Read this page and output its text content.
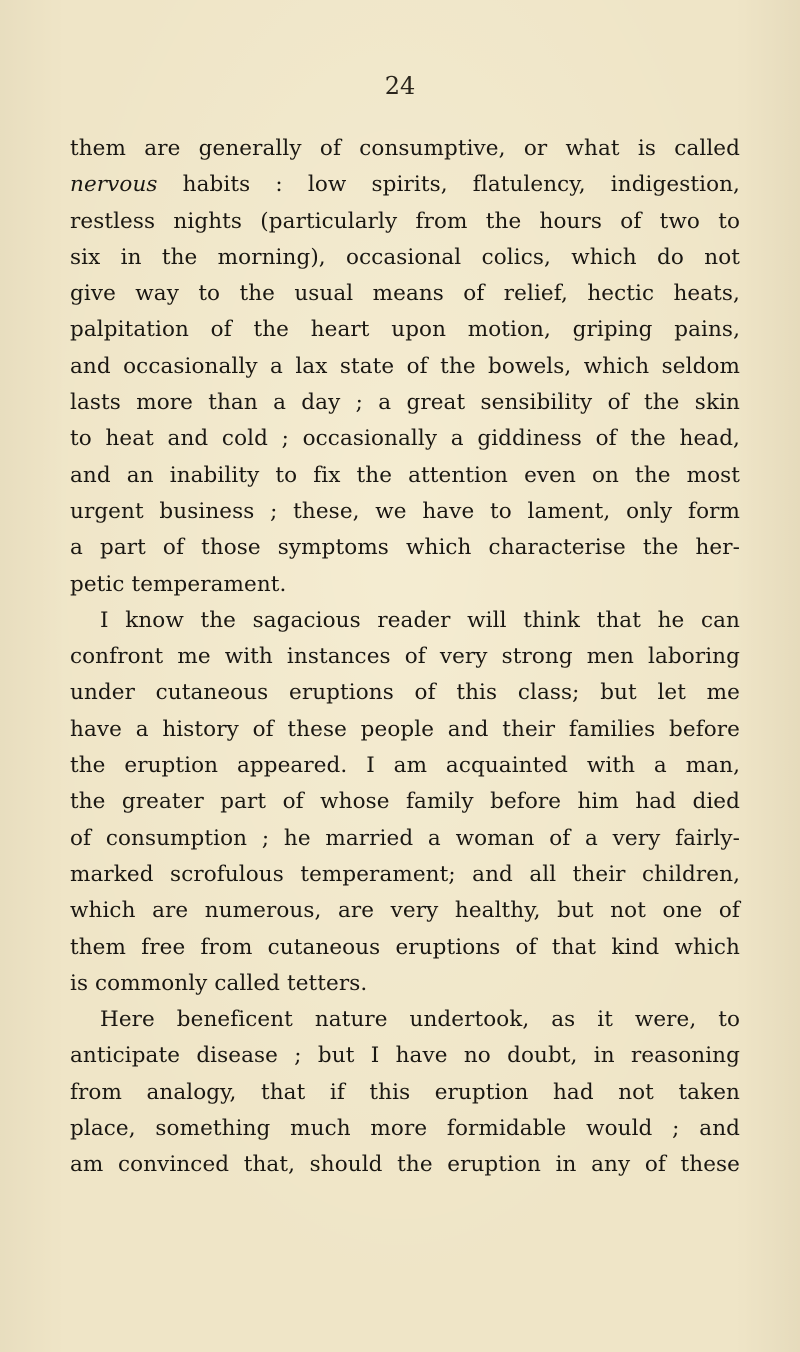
24
them are generally of consumptive, or what is called
nervous habits : low spirits, flatulency, indigestion,
restless nights (particularly from the hours of two to
six in the morning), occasional colics, which do not
give way to the usual means of relief, hectic heats,
palpitation of the heart upon motion, griping pains,
and occasionally a lax state of the bowels, which seldom
lasts more than a day ; a great sensibility of the skin
to heat and cold ; occasionally a giddiness of the head,
and an inability to fix the attention even on the most
urgent business ; these, we have to lament, only form
a part of those symptoms which characterise the her-
petic temperament.
I know the sagacious reader will think that he can
confront me with instances of very strong men laboring
under cutaneous eruptions of this class; but let me
have a history of these people and their families before
the eruption appeared. I am acquainted with a man,
the greater part of whose family before him had died
of consumption ; he married a woman of a very fairly-
marked scrofulous temperament; and all their children,
which are numerous, are very healthy, but not one of
them free from cutaneous eruptions of that kind which
is commonly called tetters.
Here beneficent nature undertook, as it were, to
anticipate disease ; but I have no doubt, in reasoning
from analogy, that if this eruption had not taken
place, something much more formidable would ; and
am convinced that, should the eruption in any of these
